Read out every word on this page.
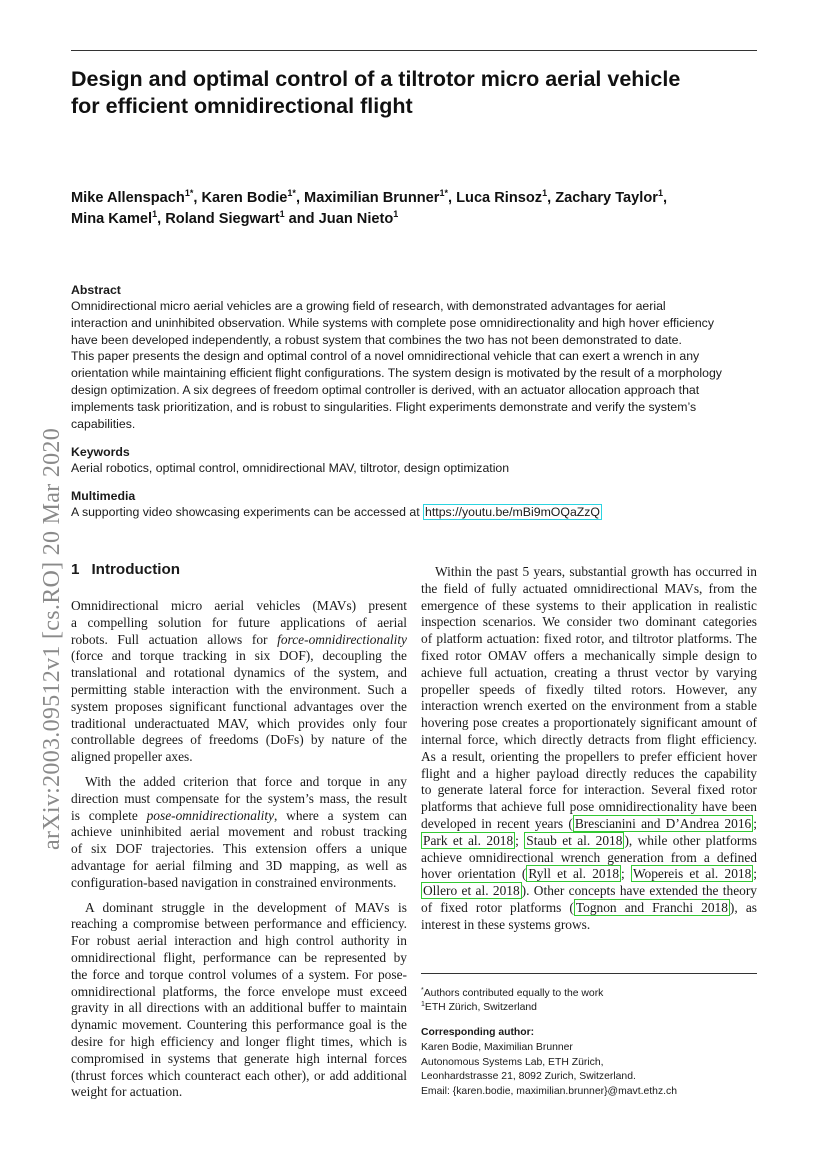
arXiv:2003.09512v1 [cs.RO] 20 Mar 2020
Design and optimal control of a tiltrotor micro aerial vehicle
for efficient omnidirectional flight
Mike Allenspach$^{1*}$, Karen Bodie$^{1*}$, Maximilian Brunner$^{1*}$, Luca Rinsoz$^1$, Zachary Taylor$^1$,
Mina Kamel$^1$, Roland Siegwart$^1$ and Juan Nieto$^1$
Abstract
Omnidirectional micro aerial vehicles are a growing field of research, with demonstrated advantages for aerial
interaction and uninhibited observation. While systems with complete pose omnidirectionality and high hover efficiency
have been developed independently, a robust system that combines the two has not been demonstrated to date.
This paper presents the design and optimal control of a novel omnidirectional vehicle that can exert a wrench in any
orientation while maintaining efficient flight configurations. The system design is motivated by the result of a morphology
design optimization. A six degrees of freedom optimal controller is derived, with an actuator allocation approach that
implements task prioritization, and is robust to singularities. Flight experiments demonstrate and verify the system’s
capabilities.
Keywords
Aerial robotics, optimal control, omnidirectional MAV, tiltrotor, design optimization
Multimedia
A supporting video showcasing experiments can be accessed at https://youtu.be/mBi9mOQaZzQ
1 Introduction
Omnidirectional micro aerial vehicles (MAVs) present
a compelling solution for future applications of aerial
robots. Full actuation allows for force-omnidirectionality
(force and torque tracking in six DOF), decoupling the
translational and rotational dynamics of the system, and
permitting stable interaction with the environment. Such a
system proposes significant functional advantages over the
traditional underactuated MAV, which provides only four
controllable degrees of freedoms (DoFs) by nature of the
aligned propeller axes.
With the added criterion that force and torque in any
direction must compensate for the system’s mass, the result
is complete pose-omnidirectionality, where a system can
achieve uninhibited aerial movement and robust tracking
of six DOF trajectories. This extension offers a unique
advantage for aerial filming and 3D mapping, as well as
configuration-based navigation in constrained environments.
A dominant struggle in the development of MAVs is
reaching a compromise between performance and efficiency.
For robust aerial interaction and high control authority in
omnidirectional flight, performance can be represented by
the force and torque control volumes of a system. For pose-
omnidirectional platforms, the force envelope must exceed
gravity in all directions with an additional buffer to maintain
dynamic movement. Countering this performance goal is the
desire for high efficiency and longer flight times, which is
compromised in systems that generate high internal forces
(thrust forces which counteract each other), or add additional
weight for actuation.
Within the past 5 years, substantial growth has occurred in
the field of fully actuated omnidirectional MAVs, from the
emergence of these systems to their application in realistic
inspection scenarios. We consider two dominant categories
of platform actuation: fixed rotor, and tiltrotor platforms. The
fixed rotor OMAV offers a mechanically simple design to
achieve full actuation, creating a thrust vector by varying
propeller speeds of fixedly tilted rotors. However, any
interaction wrench exerted on the environment from a stable
hovering pose creates a proportionately significant amount of
internal force, which directly detracts from flight efficiency.
As a result, orienting the propellers to prefer efficient hover
flight and a higher payload directly reduces the capability
to generate lateral force for interaction. Several fixed rotor
platforms that achieve full pose omnidirectionality have been
developed in recent years ( Brescianini and D’Andrea 2016 ;
Park et al. 2018 ; Staub et al. 2018 ), while other platforms
achieve omnidirectional wrench generation from a defined
hover orientation ( Ryll et al. 2018 ; Wopereis et al. 2018 ;
Ollero et al. 2018 ). Other concepts have extended the theory
of fixed rotor platforms ( Tognon and Franchi 2018 ), as
interest in these systems grows.
*Authors contributed equally to the work
$^1$ETH Zürich, Switzerland
Corresponding author:
Karen Bodie, Maximilian Brunner
Autonomous Systems Lab, ETH Zürich,
Leonhardstrasse 21, 8092 Zurich, Switzerland.
Email: {karen.bodie, maximilian.brunner}@mavt.ethz.ch
